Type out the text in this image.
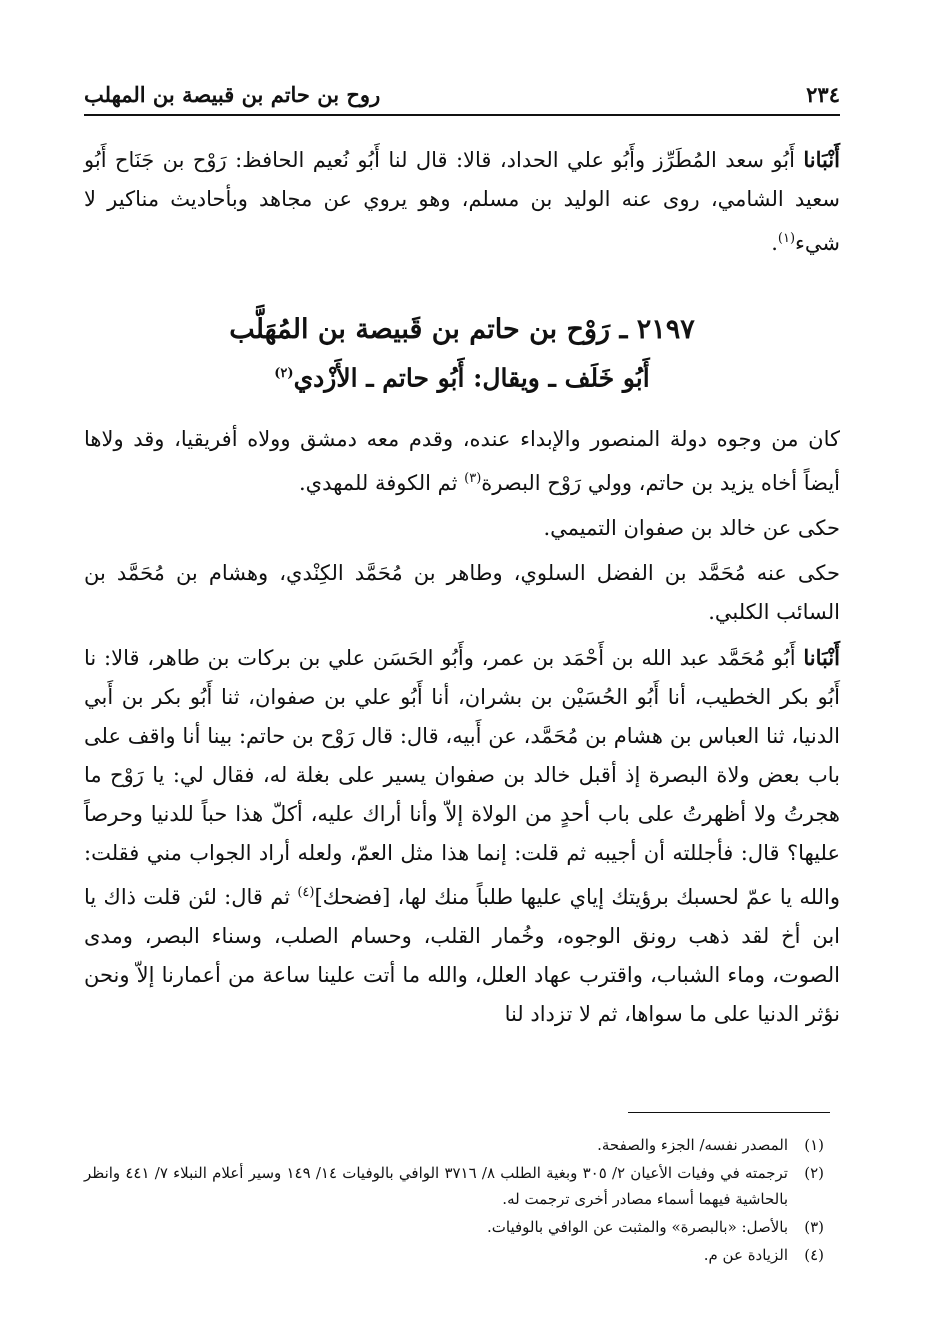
٢٣٤
روح بن حاتم بن قبيصة بن المهلب

أَنْبَانا أَبُو سعد المُطَرِّز وأَبُو علي الحداد، قالا: قال لنا أَبُو نُعيم الحافظ: رَوْح بن جَنَاح أَبُو سعيد الشامي، روى عنه الوليد بن مسلم، وهو يروي عن مجاهد وبأحاديث مناكير لا شيء$^{(١)}$.

٢١٩٧ ـ رَوْح بن حاتم بن قَبيصة بن المُهَلَّب

أَبُو خَلَف ـ ويقال: أَبُو حاتم ـ الأَزْدي$^{(٢)}$

كان من وجوه دولة المنصور والإبداء عنده، وقدم معه دمشق وولاه أفريقيا، وقد ولاها أيضاً أخاه يزيد بن حاتم، وولي رَوْح البصرة$^{(٣)}$ ثم الكوفة للمهدي.

حكى عن خالد بن صفوان التميمي.

حكى عنه مُحَمَّد بن الفضل السلوي، وطاهر بن مُحَمَّد الكِنْدي، وهشام بن مُحَمَّد بن السائب الكلبي.

أَنْبَانا أَبُو مُحَمَّد عبد الله بن أَحْمَد بن عمر، وأَبُو الحَسَن علي بن بركات بن طاهر، قالا: نا أَبُو بكر الخطيب، أنا أَبُو الحُسَيْن بن بشران، أنا أَبُو علي بن صفوان، ثنا أَبُو بكر بن أَبي الدنيا، ثنا العباس بن هشام بن مُحَمَّد، عن أَبيه، قال: قال رَوْح بن حاتم: بينا أنا واقف على باب بعض ولاة البصرة إذ أقبل خالد بن صفوان يسير على بغلة له، فقال لي: يا رَوْح ما هجرتُ ولا أظهرتُ على باب أحدٍ من الولاة إلاّ وأنا أراك عليه، أكلّ هذا حباً للدنيا وحرصاً عليها؟ قال: فأجللته أن أجيبه ثم قلت: إنما هذا مثل العمّ، ولعله أراد الجواب مني فقلت: والله يا عمّ لحسبك برؤيتك إياي عليها طلباً منك لها، [فضحك]$^{(٤)}$ ثم قال: لئن قلت ذاك يا ابن أخ لقد ذهب رونق الوجوه، وخُمار القلب، وحسام الصلب، وسناء البصر، ومدى الصوت، وماء الشباب، واقترب عهاد العلل، والله ما أتت علينا ساعة من أعمارنا إلاّ ونحن نؤثر الدنيا على ما سواها، ثم لا تزداد لنا

(١)
المصدر نفسه/ الجزء والصفحة.
(٢)
ترجمته في وفيات الأعيان ٢/ ٣٠٥ وبغية الطلب ٨/ ٣٧١٦ الوافي بالوفيات ١٤/ ١٤٩ وسير أعلام النبلاء ٧/ ٤٤١ وانظر بالحاشية فيهما أسماء مصادر أخرى ترجمت له.
(٣)
بالأصل: «بالبصرة» والمثبت عن الوافي بالوفيات.
(٤)
الزيادة عن م.
